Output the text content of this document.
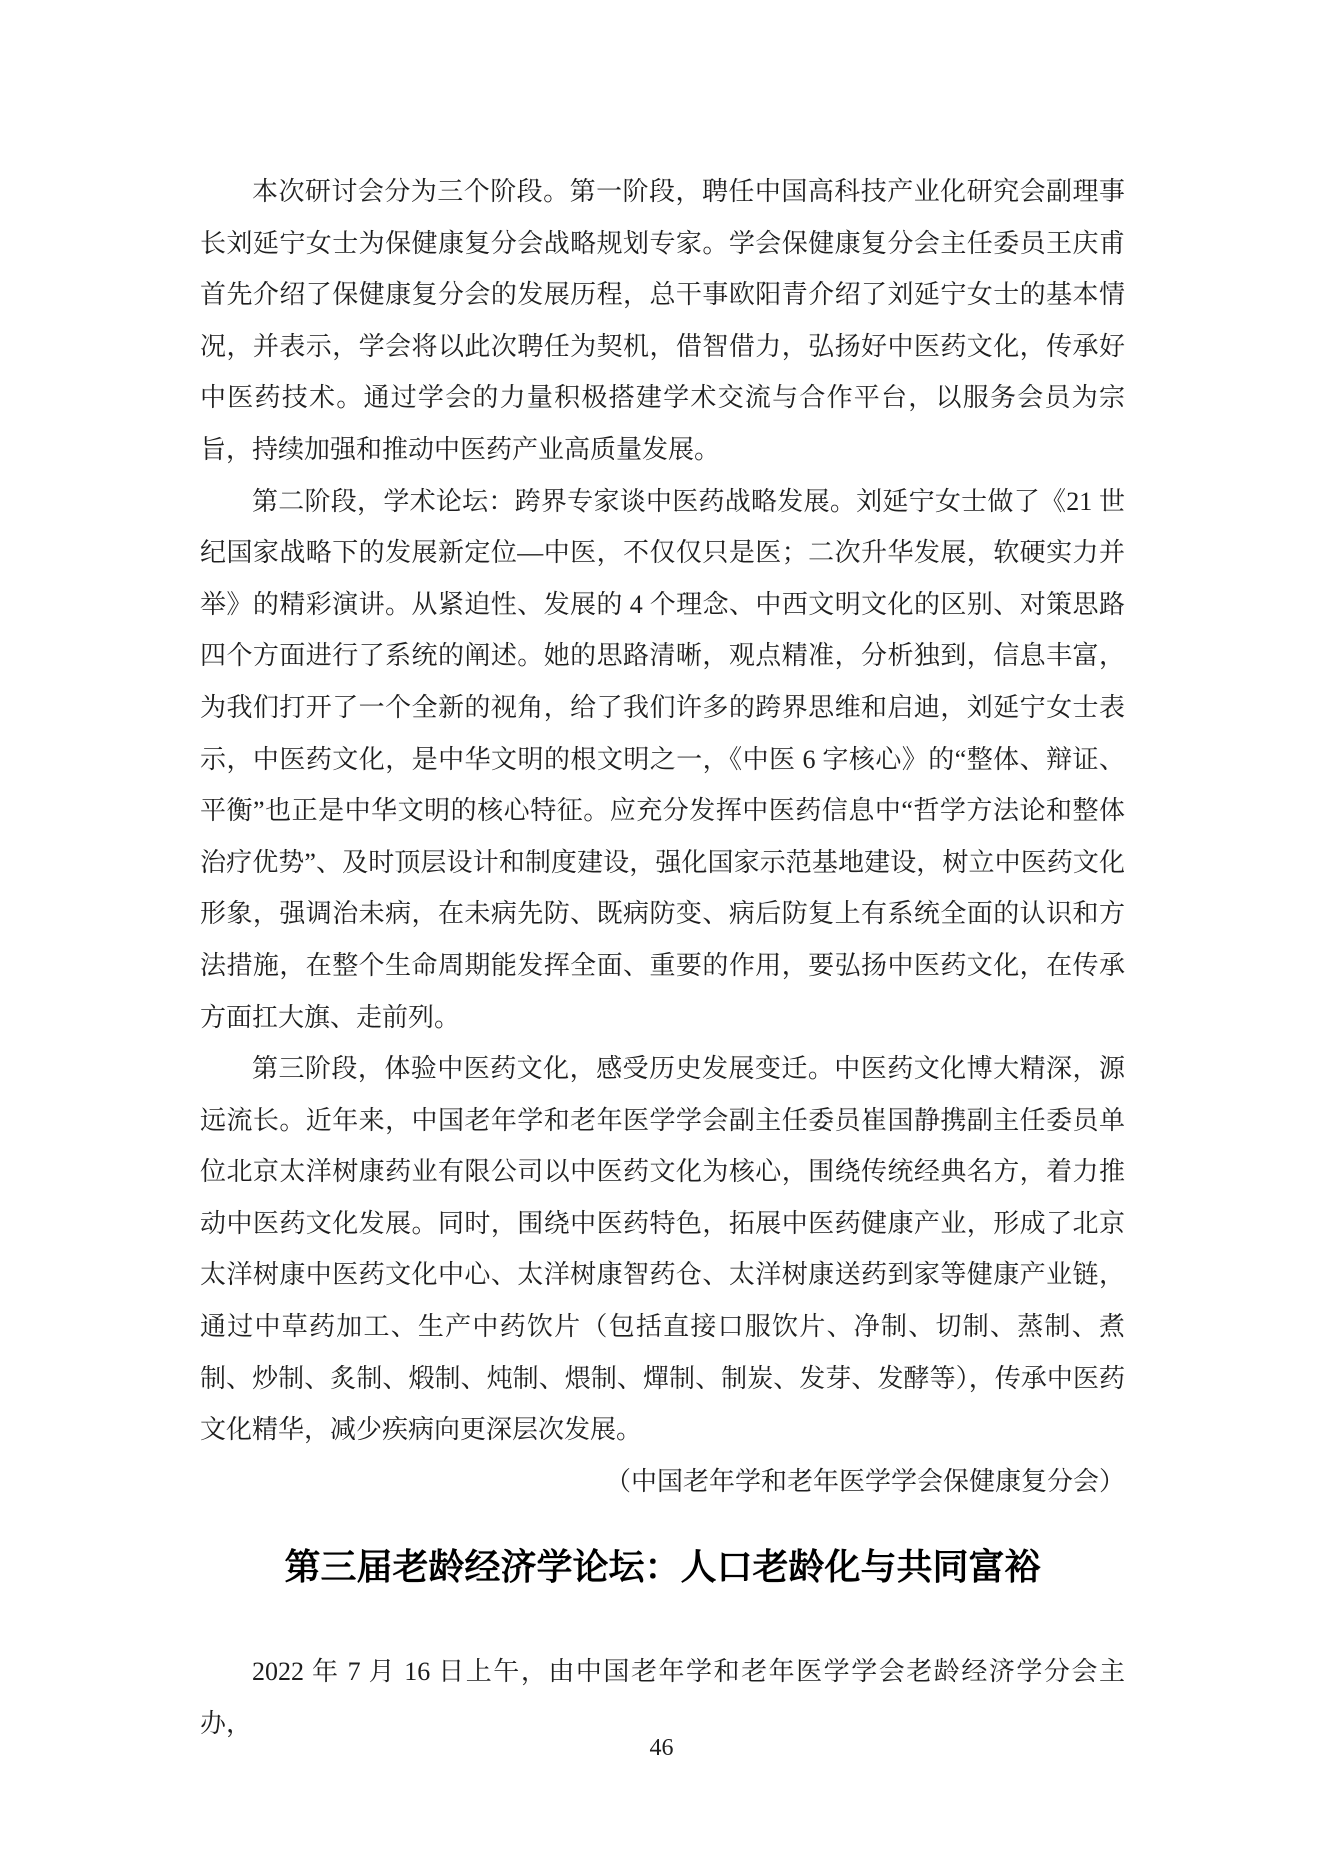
本次研讨会分为三个阶段。第一阶段，聘任中国高科技产业化研究会副理事长刘延宁女士为保健康复分会战略规划专家。学会保健康复分会主任委员王庆甫首先介绍了保健康复分会的发展历程，总干事欧阳青介绍了刘延宁女士的基本情况，并表示，学会将以此次聘任为契机，借智借力，弘扬好中医药文化，传承好中医药技术。通过学会的力量积极搭建学术交流与合作平台，以服务会员为宗旨，持续加强和推动中医药产业高质量发展。

第二阶段，学术论坛：跨界专家谈中医药战略发展。刘延宁女士做了《21 世纪国家战略下的发展新定位—中医，不仅仅只是医；二次升华发展，软硬实力并举》的精彩演讲。从紧迫性、发展的 4 个理念、中西文明文化的区别、对策思路四个方面进行了系统的阐述。她的思路清晰，观点精准，分析独到，信息丰富，为我们打开了一个全新的视角，给了我们许多的跨界思维和启迪，刘延宁女士表示，中医药文化，是中华文明的根文明之一，《中医 6 字核心》的“整体、辩证、平衡”也正是中华文明的核心特征。应充分发挥中医药信息中“哲学方法论和整体治疗优势”、及时顶层设计和制度建设，强化国家示范基地建设，树立中医药文化形象，强调治未病，在未病先防、既病防变、病后防复上有系统全面的认识和方法措施，在整个生命周期能发挥全面、重要的作用，要弘扬中医药文化，在传承方面扛大旗、走前列。

第三阶段，体验中医药文化，感受历史发展变迁。中医药文化博大精深，源远流长。近年来，中国老年学和老年医学学会副主任委员崔国静携副主任委员单位北京太洋树康药业有限公司以中医药文化为核心，围绕传统经典名方，着力推动中医药文化发展。同时，围绕中医药特色，拓展中医药健康产业，形成了北京太洋树康中医药文化中心、太洋树康智药仓、太洋树康送药到家等健康产业链，通过中草药加工、生产中药饮片（包括直接口服饮片、净制、切制、蒸制、煮制、炒制、炙制、煅制、炖制、煨制、燀制、制炭、发芽、发酵等），传承中医药文化精华，减少疾病向更深层次发展。

（中国老年学和老年医学学会保健康复分会）

第三届老龄经济学论坛：人口老龄化与共同富裕

2022 年 7 月 16 日上午，由中国老年学和老年医学学会老龄经济学分会主办，

46
